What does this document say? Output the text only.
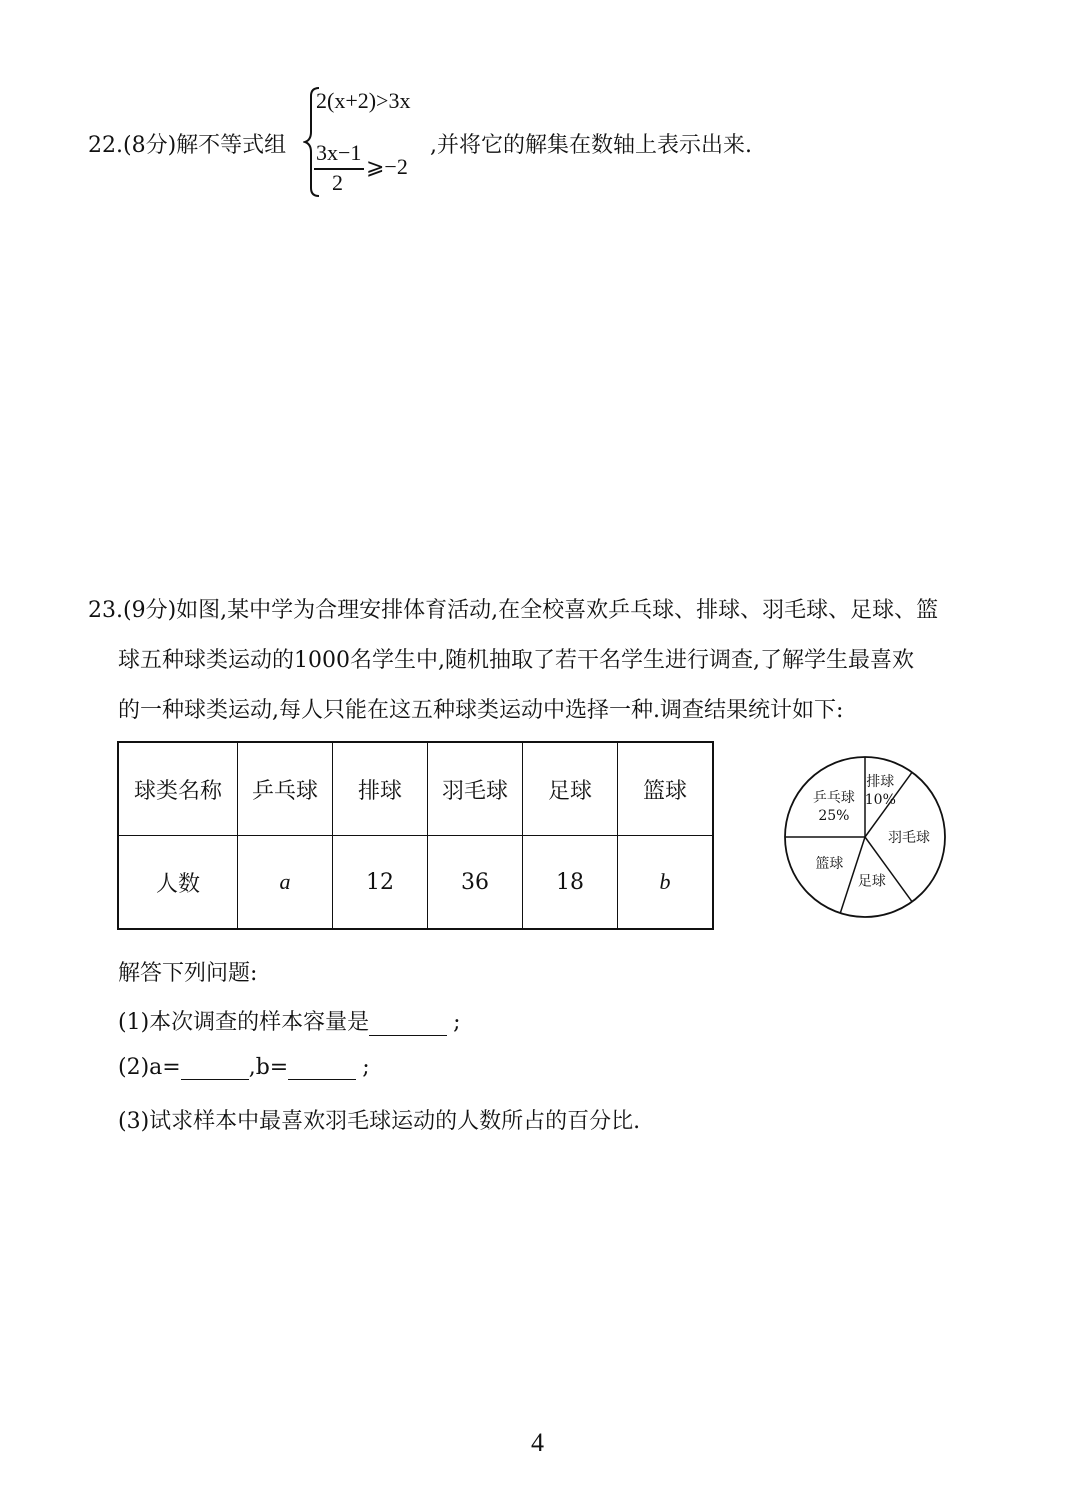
22.(8分)解不等式组
2(x+2)>3x
3x−1
2
⩾−2
,并将它的解集在数轴上表示出来.
23.(9分)如图,某中学为合理安排体育活动,在全校喜欢乒乓球、排球、羽毛球、足球、篮
球五种球类运动的1000名学生中,随机抽取了若干名学生进行调查,了解学生最喜欢
的一种球类运动,每人只能在这五种球类运动中选择一种.调查结果统计如下:
球类名称	乒乓球	排球	羽毛球	足球	篮球
人数	a	12	36	18	b
排球
10%
羽毛球
足球
篮球
乒乓球
25%
解答下列问题:
(1)本次调查的样本容量是	;
(2)a=	,b=	;
(3)试求样本中最喜欢羽毛球运动的人数所占的百分比.
4
